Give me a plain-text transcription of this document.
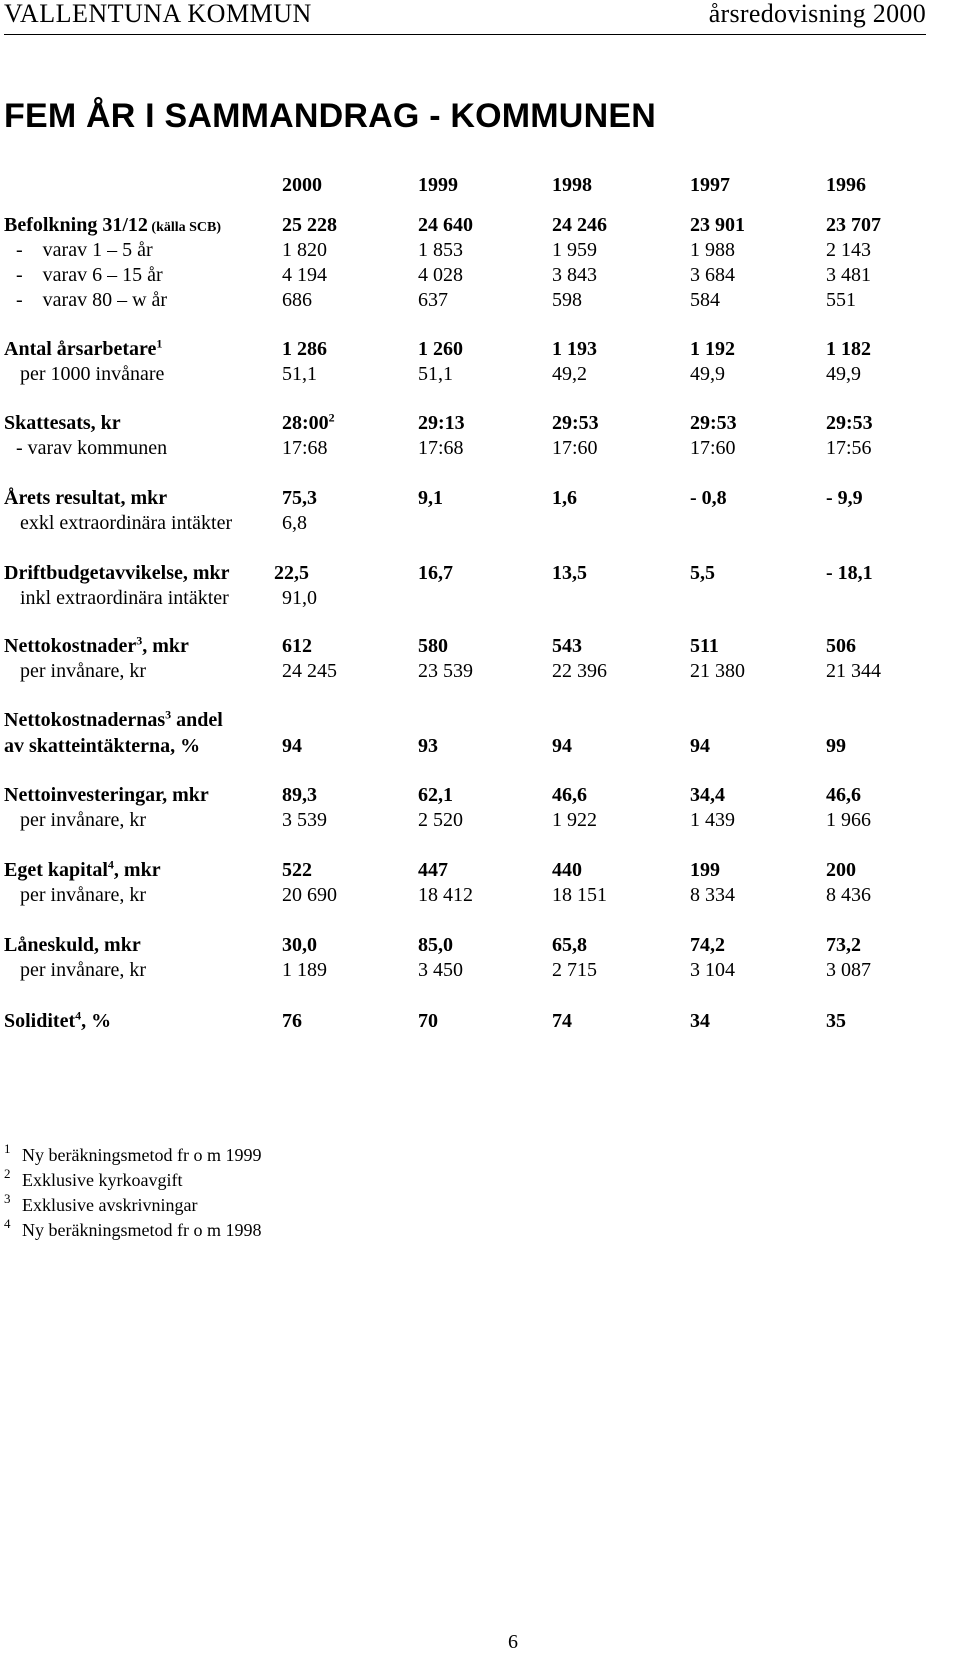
VALLENTUNA KOMMUN	årsredovisning 2000
FEM ÅR I SAMMANDRAG - KOMMUNEN
2000	1999	1998	1997	1996
Befolkning 31/12 (källa SCB)	25 228	24 640	24 246	23 901	23 707
-    varav 1 – 5 år	1 820	1 853	1 959	1 988	2 143
-    varav 6 – 15 år	4 194	4 028	3 843	3 684	3 481
-    varav 80 – w år	686	637	598	584	551
Antal årsarbetare$^1$	1 286	1 260	1 193	1 192	1 182
per 1000 invånare	51,1	51,1	49,2	49,9	49,9
Skattesats, kr	$28:00^2$	29:13	29:53	29:53	29:53
- varav kommunen	17:68	17:68	17:60	17:60	17:56
Årets resultat, mkr	75,3	9,1	1,6	- 0,8	- 9,9
exkl extraordinära intäkter 6,8
Driftbudgetavvikelse, mkr 22,5	16,7	13,5	5,5	- 18,1
inkl extraordinära intäkter	91,0
Nettokostnader$^3$, mkr	612	580	543	511	506
per invånare, kr	24 245	23 539	22 396	21 380	21 344
Nettokostnadernas$^3$ andel
av skatteintäkterna, %	94	93	94	94	99
Nettoinvesteringar, mkr	89,3	62,1	46,6	34,4	46,6
per invånare, kr	3 539	2 520	1 922	1 439	1 966
Eget kapital$^4$, mkr	522	447	440	199	200
per invånare, kr	20 690	18 412	18 151	8 334	8 436
Låneskuld, mkr	30,0	85,0	65,8	74,2	73,2
per invånare, kr	1 189	3 450	2 715	3 104	3 087
Soliditet$^4$, %	76	70	74	34	35
1 Ny beräkningsmetod fr o m 1999
2 Exklusive kyrkoavgift
3 Exklusive avskrivningar
4 Ny beräkningsmetod fr o m 1998
6
